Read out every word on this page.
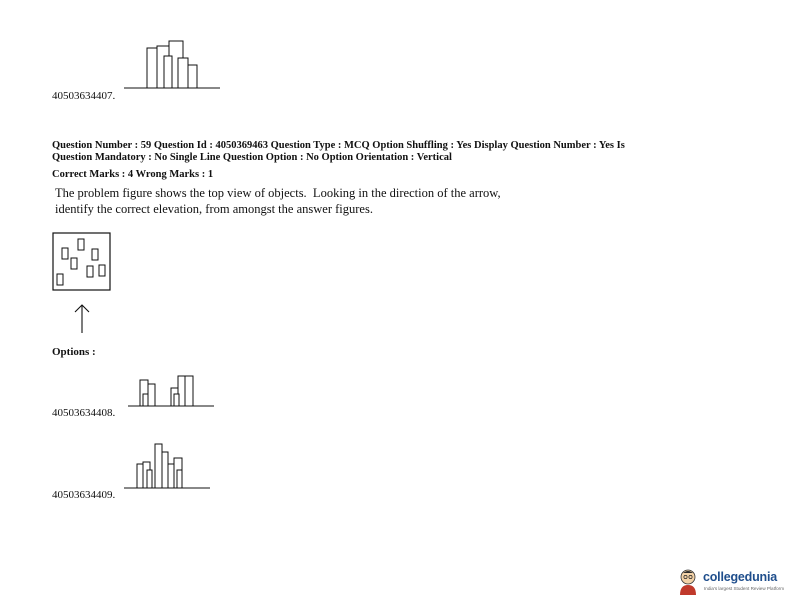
40503634407.
Question Number : 59 Question Id : 4050369463 Question Type : MCQ Option Shuffling : Yes Display Question Number : Yes Is
Question Mandatory : No Single Line Question Option : No Option Orientation : Vertical
Correct Marks : 4 Wrong Marks : 1
The problem figure shows the top view of objects.  Looking in the direction of the arrow,
identify the correct elevation, from amongst the answer figures.
Options :
40503634408.
40503634409.
collegedunia
India's largest Student Review Platform
